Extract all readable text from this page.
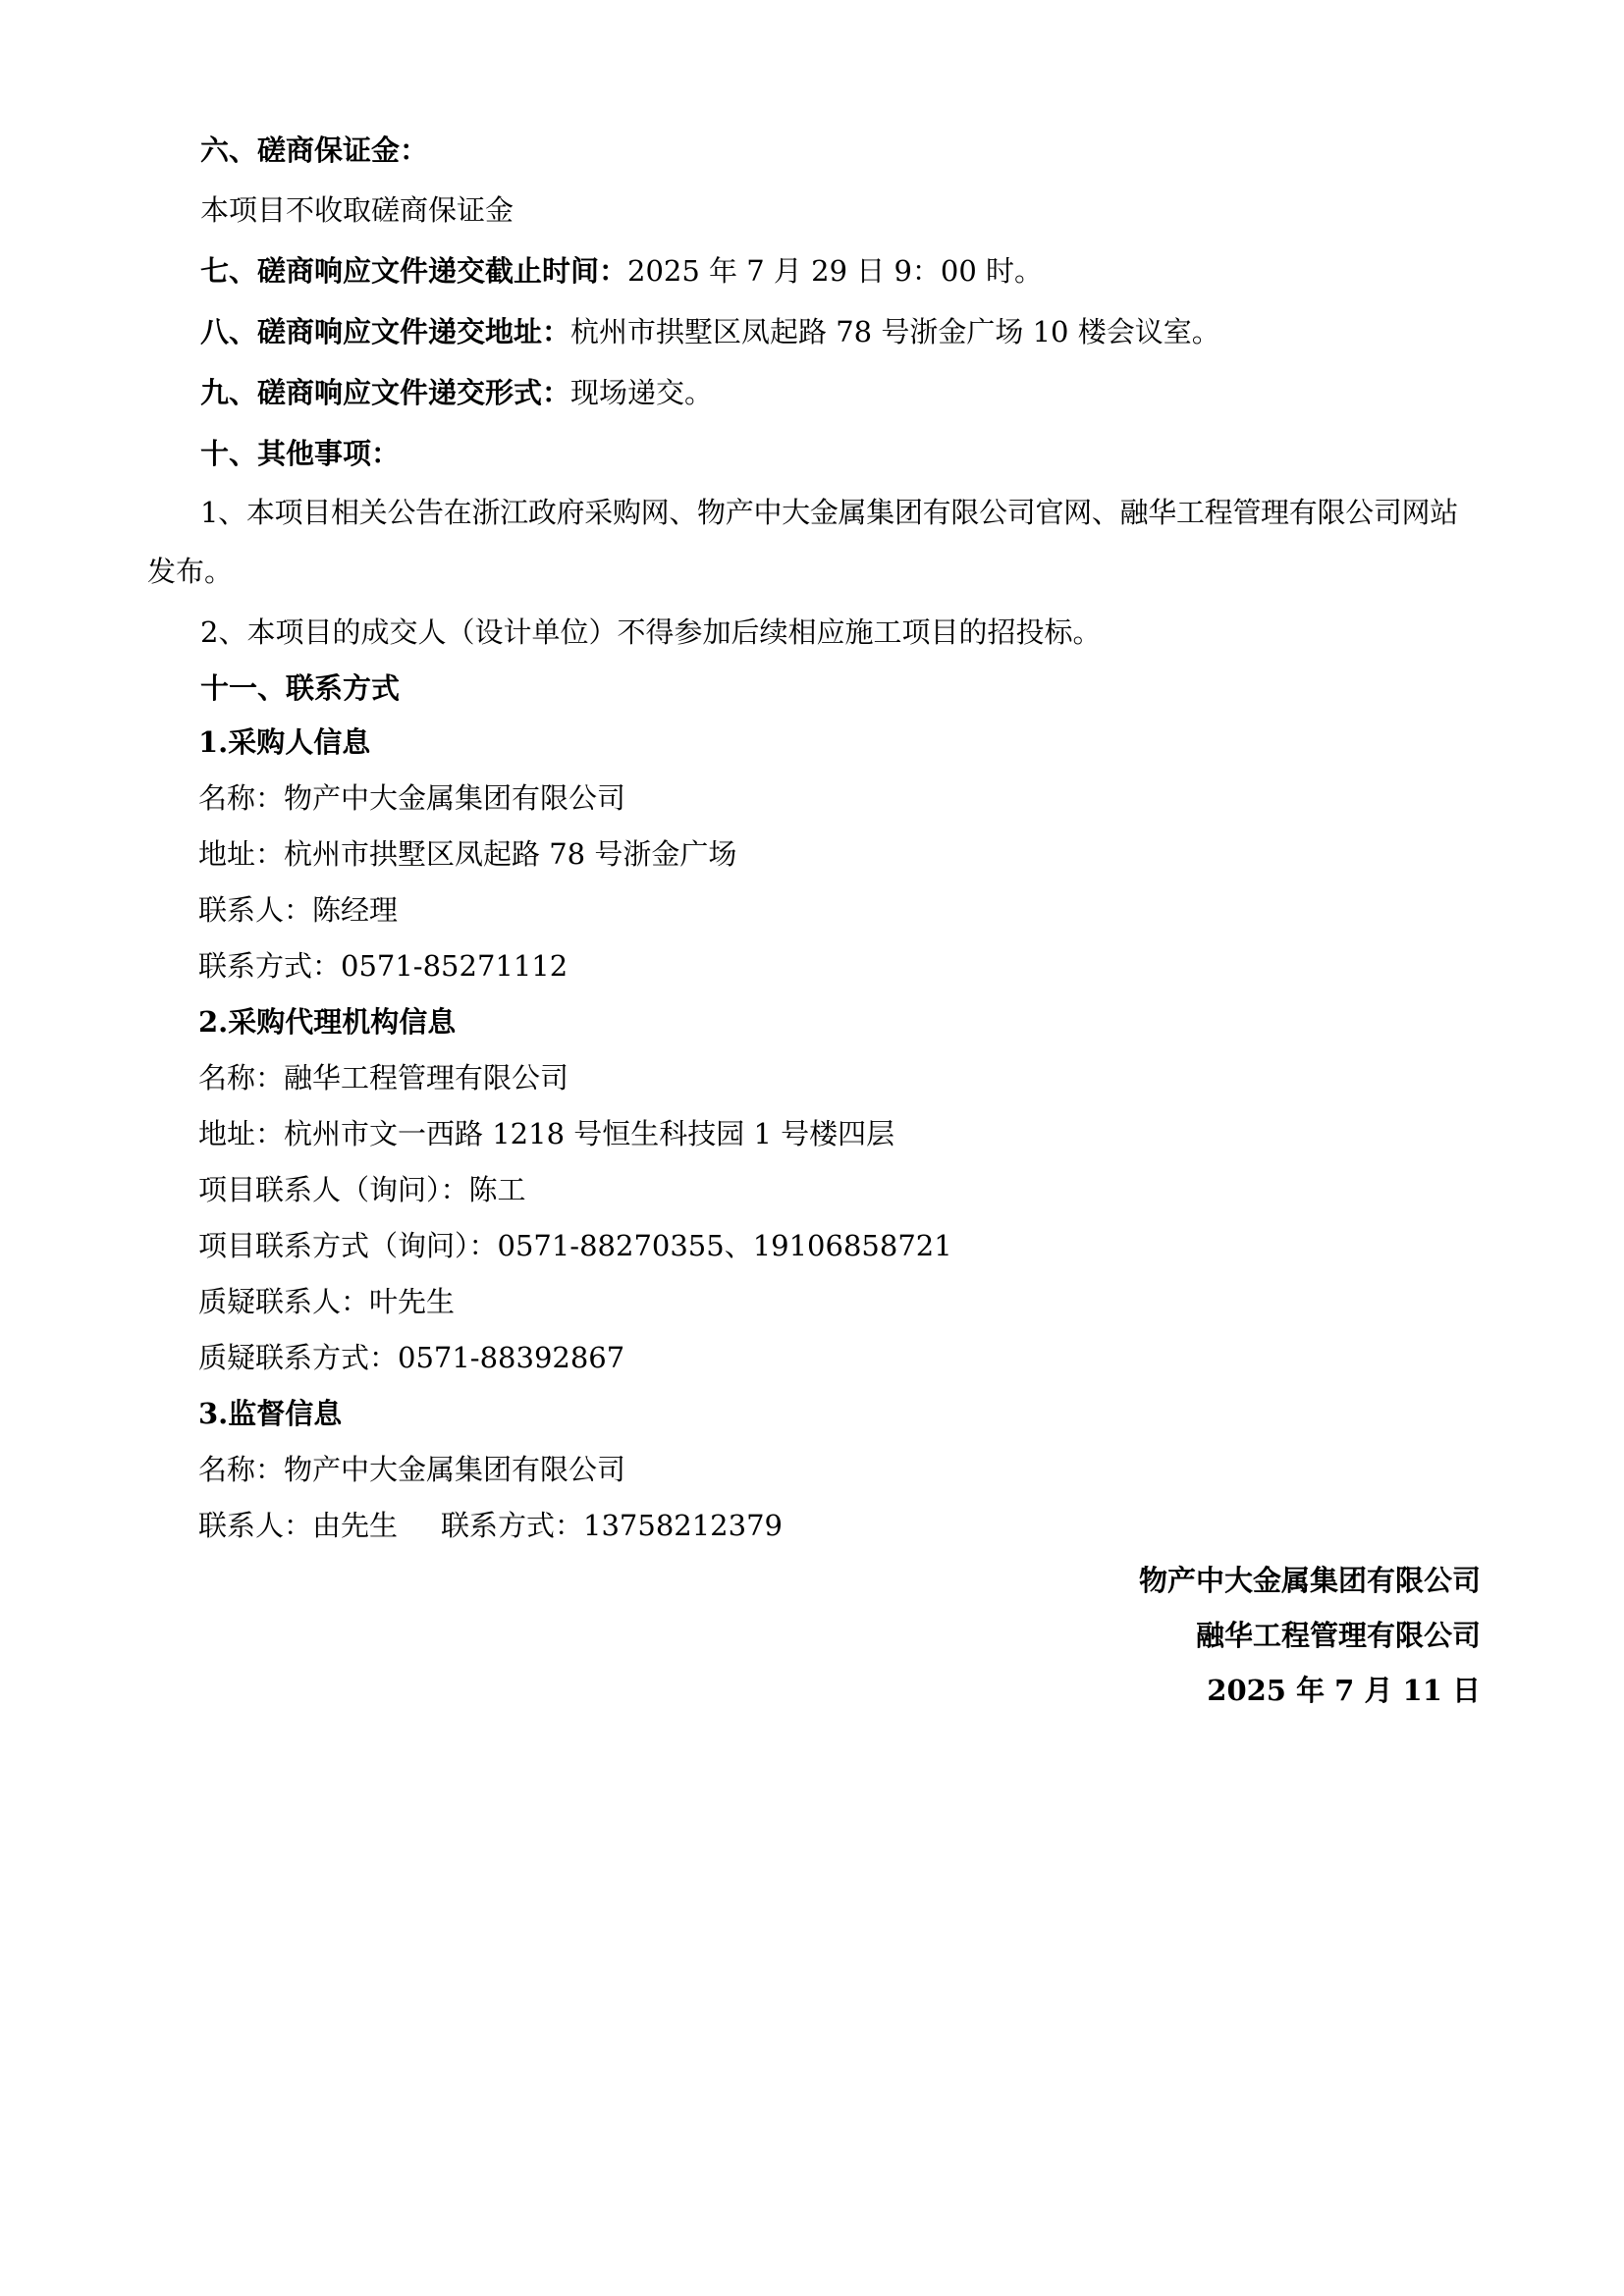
六、磋商保证金：
本项目不收取磋商保证金
七、磋商响应文件递交截止时间：2025 年 7 月 29 日 9：00 时。
八、磋商响应文件递交地址：杭州市拱墅区凤起路 78 号浙金广场 10 楼会议室。
九、磋商响应文件递交形式：现场递交。
十、其他事项：
1、本项目相关公告在浙江政府采购网、物产中大金属集团有限公司官网、融华工程管理有限公司网站
发布。
2、本项目的成交人（设计单位）不得参加后续相应施工项目的招投标。
十一、联系方式
1.采购人信息
名称：物产中大金属集团有限公司
地址：杭州市拱墅区凤起路 78 号浙金广场
联系人：陈经理
联系方式：0571-85271112
2.采购代理机构信息
名称：融华工程管理有限公司
地址：杭州市文一西路 1218 号恒生科技园 1 号楼四层
项目联系人（询问）：陈工
项目联系方式（询问）：0571-88270355、19106858721
质疑联系人：叶先生
质疑联系方式：0571-88392867
3.监督信息
名称：物产中大金属集团有限公司
联系人：由先生 联系方式：13758212379
物产中大金属集团有限公司
融华工程管理有限公司
2025 年 7 月 11 日
